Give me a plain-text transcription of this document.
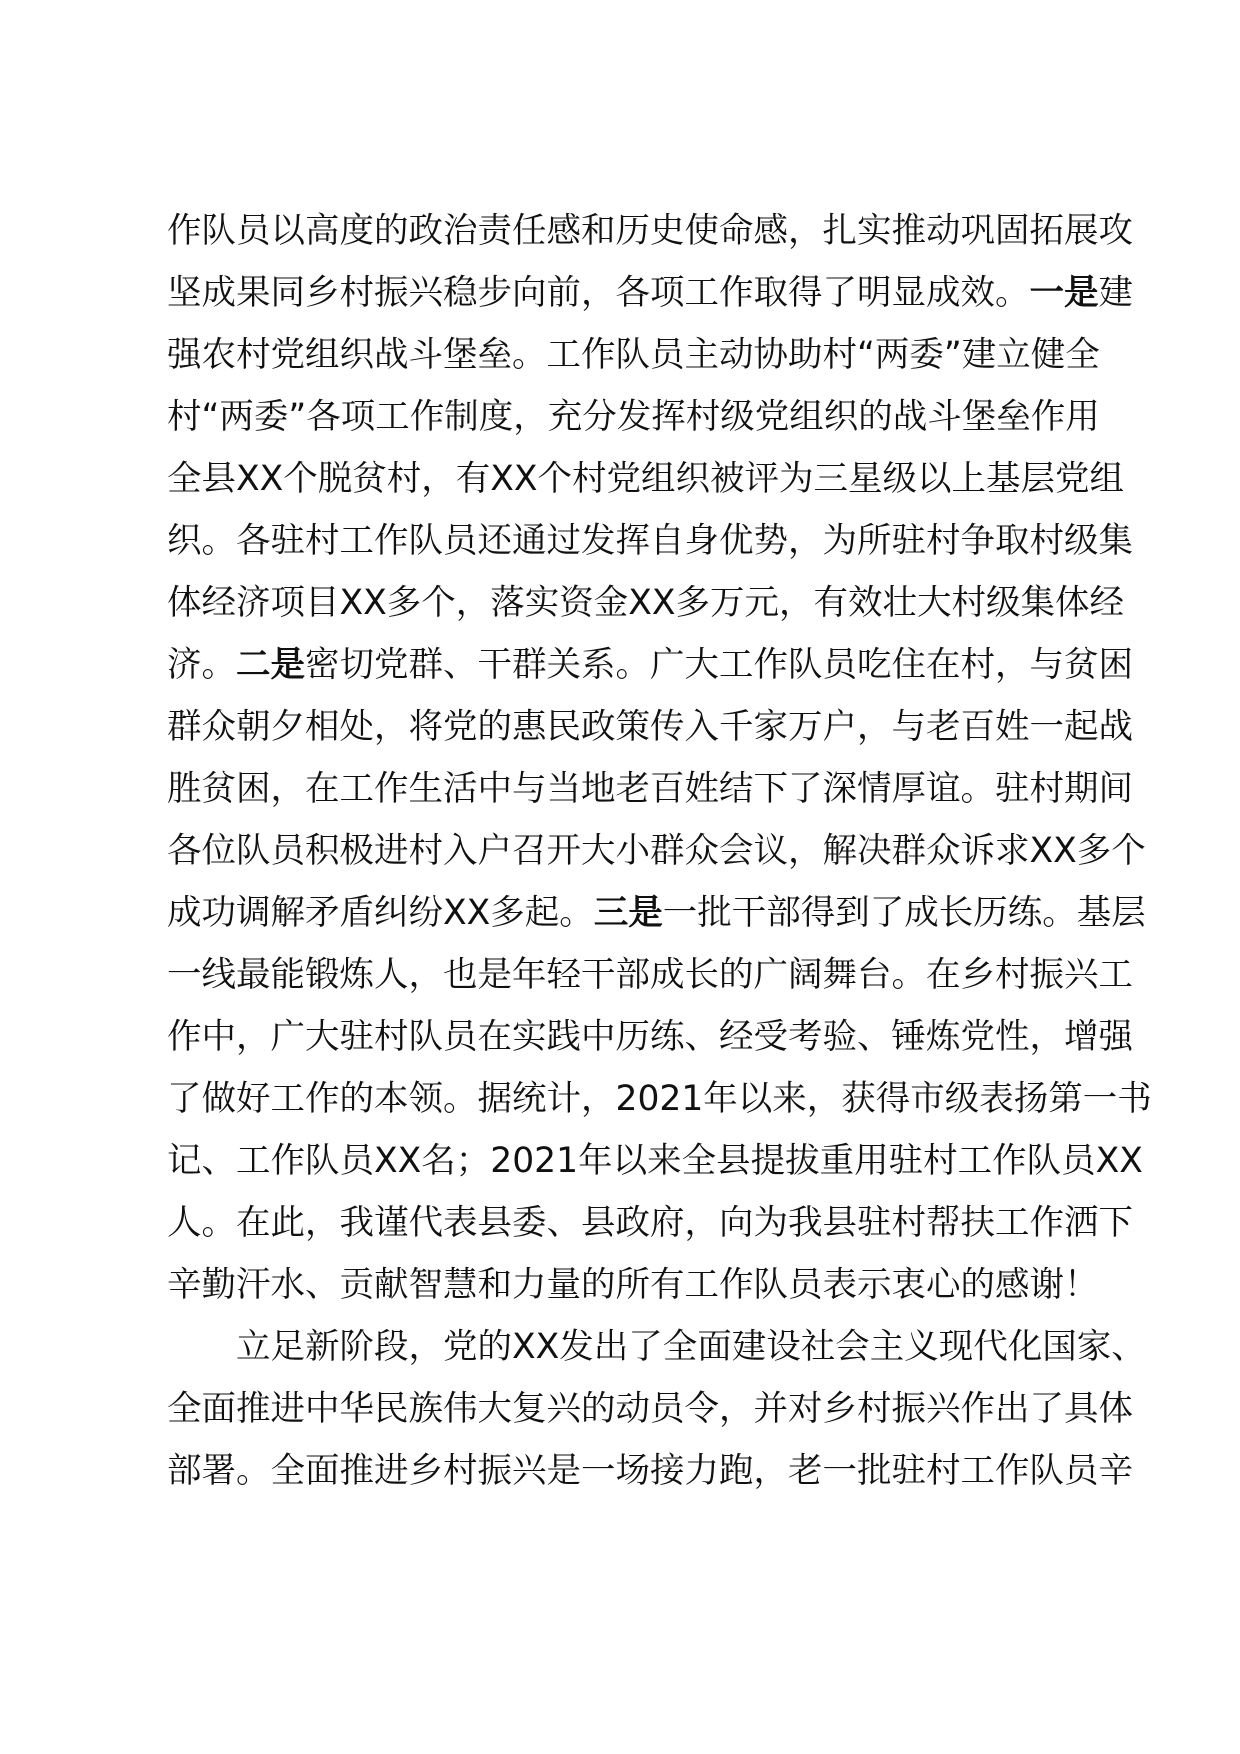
作队员以高度的政治责任感和历史使命感，扎实推动巩固拓展攻
坚成果同乡村振兴稳步向前，各项工作取得了明显成效。一是建
强农村党组织战斗堡垒。工作队员主动协助村“两委”建立健全
村“两委”各项工作制度，充分发挥村级党组织的战斗堡垒作用
全县XX个脱贫村，有XX个村党组织被评为三星级以上基层党组
织。各驻村工作队员还通过发挥自身优势，为所驻村争取村级集
体经济项目XX多个，落实资金XX多万元，有效壮大村级集体经
济。二是密切党群、干群关系。广大工作队员吃住在村，与贫困
群众朝夕相处，将党的惠民政策传入千家万户，与老百姓一起战
胜贫困，在工作生活中与当地老百姓结下了深情厚谊。驻村期间
各位队员积极进村入户召开大小群众会议，解决群众诉求XX多个
成功调解矛盾纠纷XX多起。三是一批干部得到了成长历练。基层
一线最能锻炼人，也是年轻干部成长的广阔舞台。在乡村振兴工
作中，广大驻村队员在实践中历练、经受考验、锤炼党性，增强
了做好工作的本领。据统计，2021年以来，获得市级表扬第一书
记、工作队员XX名；2021年以来全县提拔重用驻村工作队员XX
人。在此，我谨代表县委、县政府，向为我县驻村帮扶工作洒下
辛勤汗水、贡献智慧和力量的所有工作队员表示衷心的感谢！
立足新阶段，党的XX发出了全面建设社会主义现代化国家、
全面推进中华民族伟大复兴的动员令，并对乡村振兴作出了具体
部署。全面推进乡村振兴是一场接力跑，老一批驻村工作队员辛
